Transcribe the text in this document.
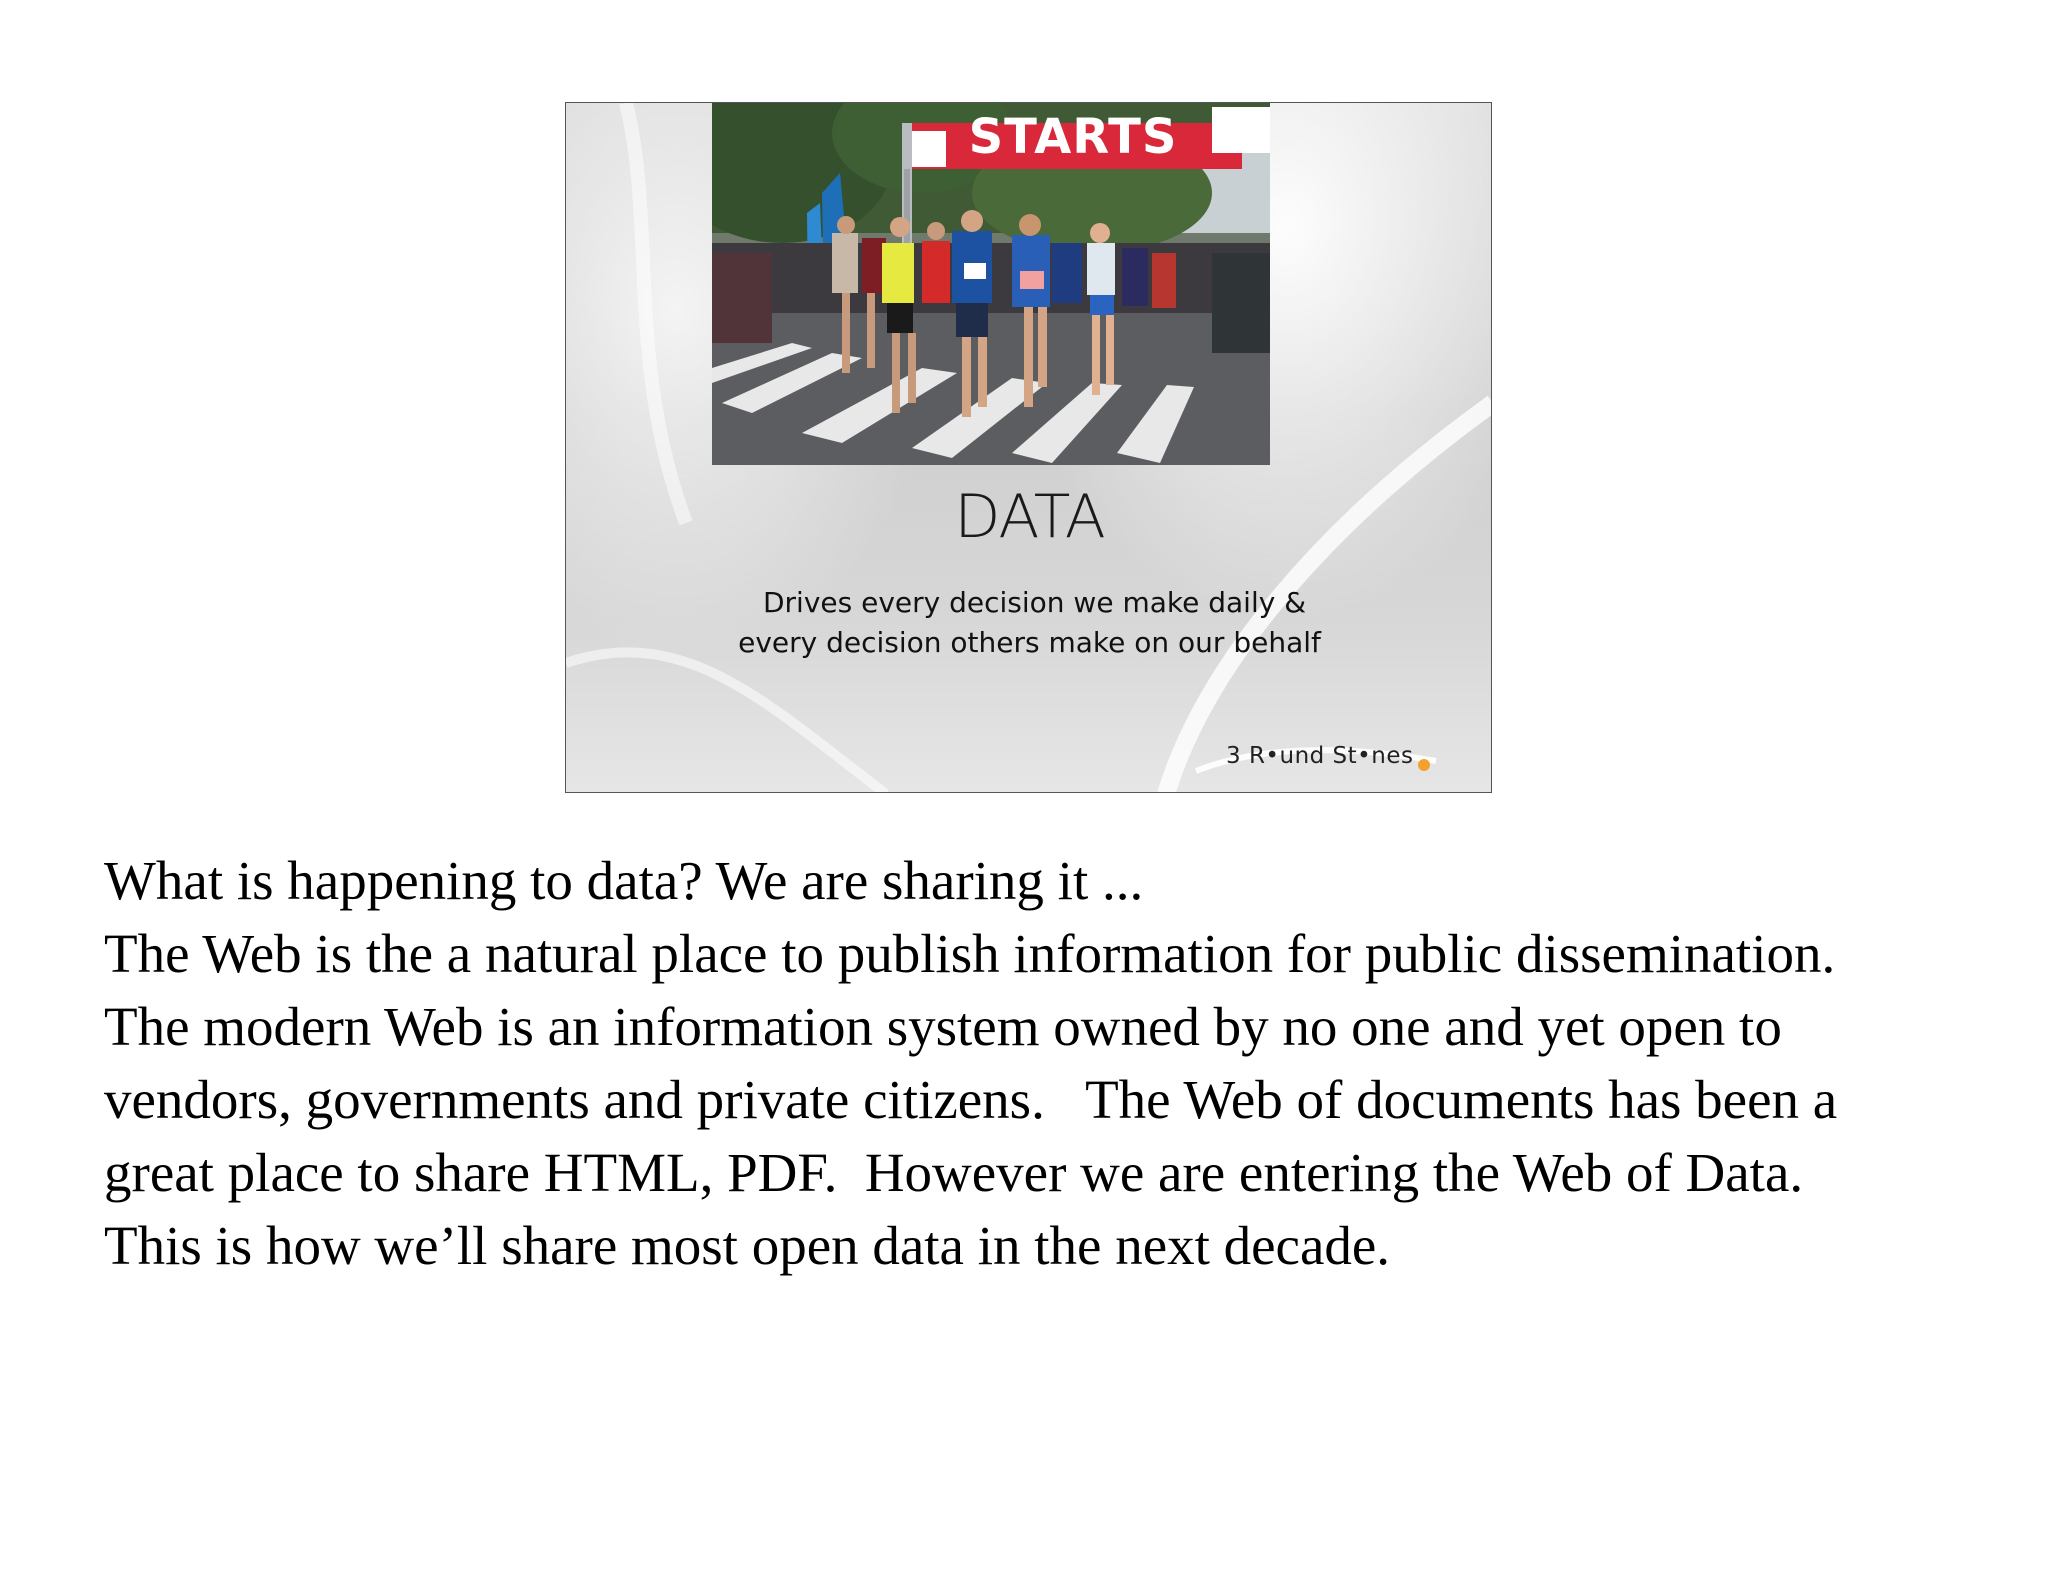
STARTS
DATA
Drives every decision we make daily &
every decision others make on our behalf
3 R•und St•nes
What is happening to data? We are sharing it ...
The Web is the a natural place to publish information for public dissemination.
The modern Web is an information system owned by no one and yet open to
vendors, governments and private citizens.   The Web of documents has been a
great place to share HTML, PDF.  However we are entering the Web of Data.
This is how we’ll share most open data in the next decade.
